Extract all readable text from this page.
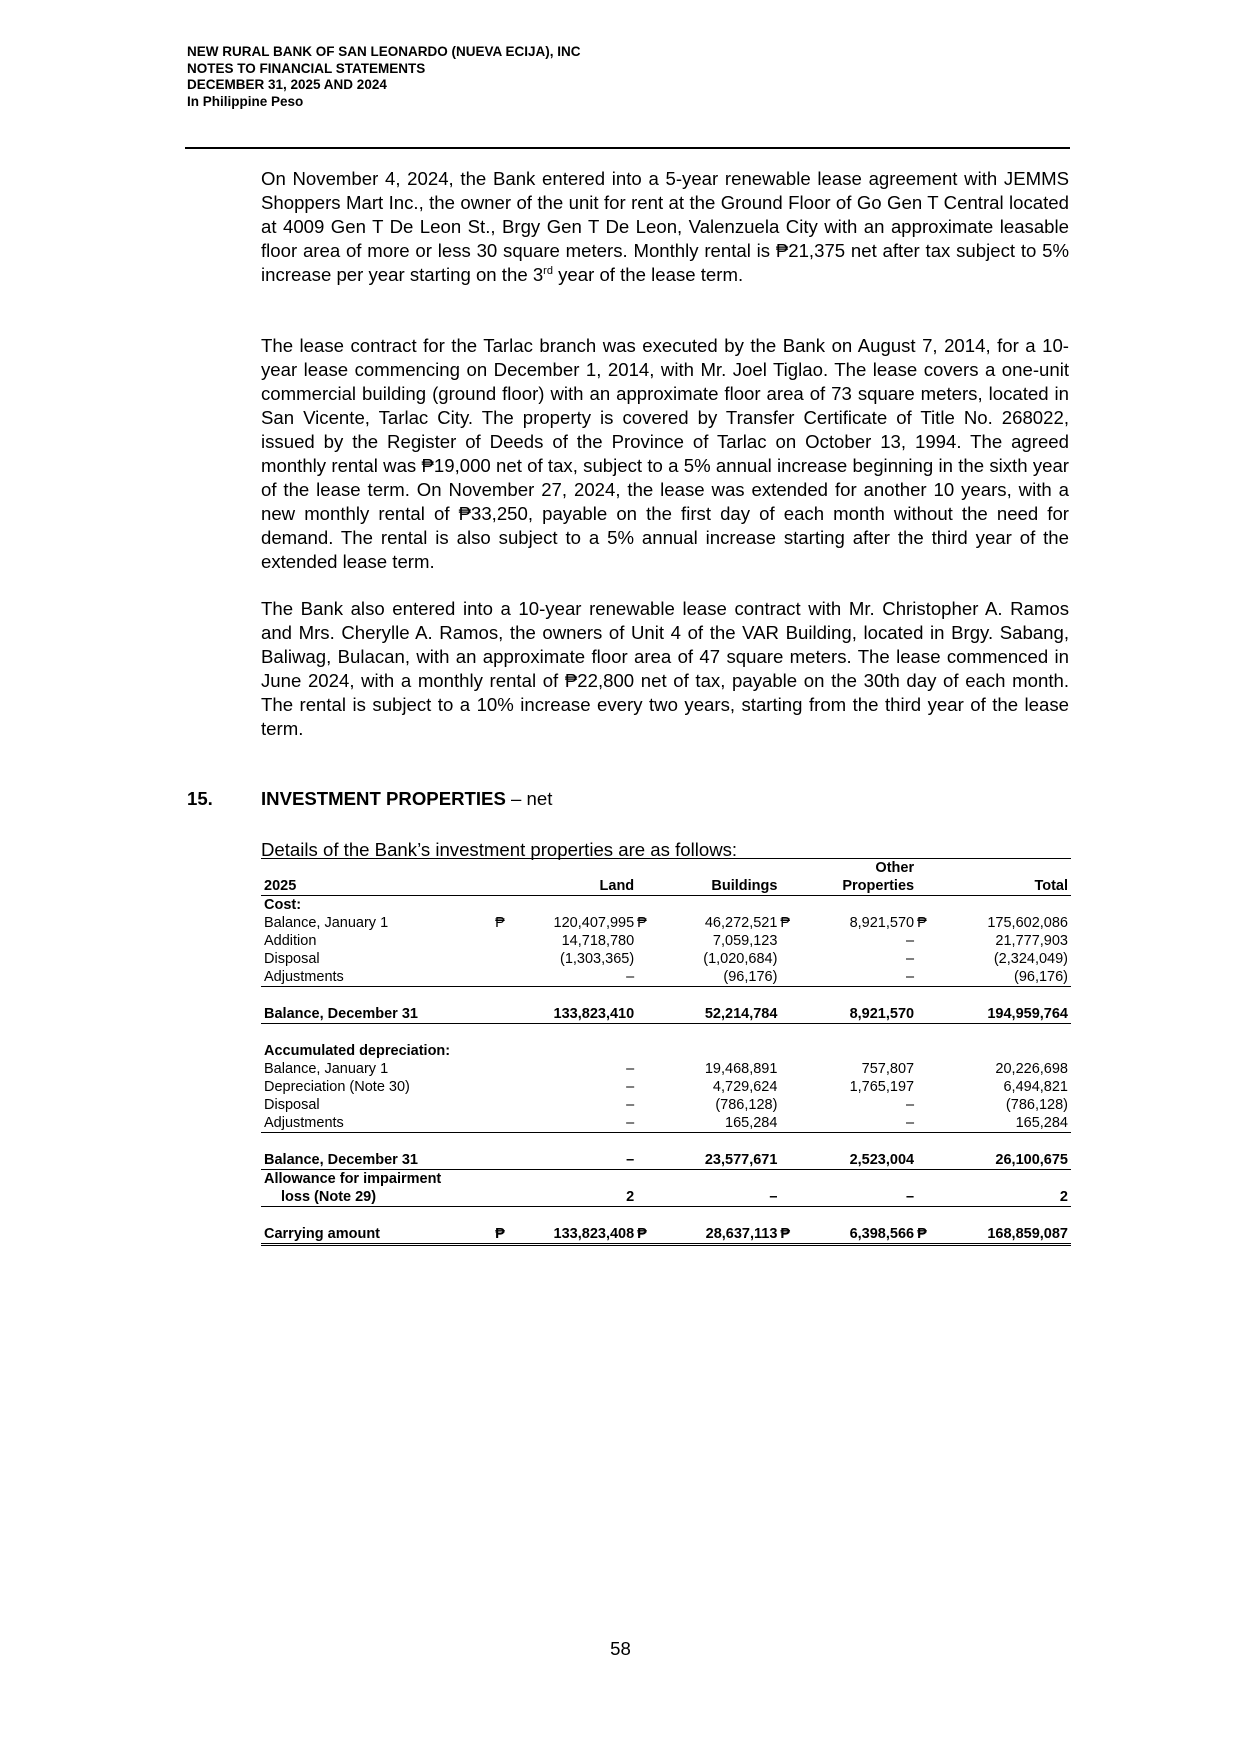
NEW RURAL BANK OF SAN LEONARDO (NUEVA ECIJA), INC
NOTES TO FINANCIAL STATEMENTS
DECEMBER 31, 2025 AND 2024
In Philippine Peso
On November 4, 2024, the Bank entered into a 5-year renewable lease agreement with JEMMS Shoppers Mart Inc., the owner of the unit for rent at the Ground Floor of Go Gen T Central located at 4009 Gen T De Leon St., Brgy Gen T De Leon, Valenzuela City with an approximate leasable floor area of more or less 30 square meters. Monthly rental is ₱21,375 net after tax subject to 5% increase per year starting on the 3rd year of the lease term.
The lease contract for the Tarlac branch was executed by the Bank on August 7, 2014, for a 10-year lease commencing on December 1, 2014, with Mr. Joel Tiglao. The lease covers a one-unit commercial building (ground floor) with an approximate floor area of 73 square meters, located in San Vicente, Tarlac City. The property is covered by Transfer Certificate of Title No. 268022, issued by the Register of Deeds of the Province of Tarlac on October 13, 1994. The agreed monthly rental was ₱19,000 net of tax, subject to a 5% annual increase beginning in the sixth year of the lease term. On November 27, 2024, the lease was extended for another 10 years, with a new monthly rental of ₱33,250, payable on the first day of each month without the need for demand. The rental is also subject to a 5% annual increase starting after the third year of the extended lease term.
The Bank also entered into a 10-year renewable lease contract with Mr. Christopher A. Ramos and Mrs. Cherylle A. Ramos, the owners of Unit 4 of the VAR Building, located in Brgy. Sabang, Baliwag, Bulacan, with an approximate floor area of 47 square meters. The lease commenced in June 2024, with a monthly rental of ₱22,800 net of tax, payable on the 30th day of each month. The rental is subject to a 10% increase every two years, starting from the third year of the lease term.
15.	INVESTMENT PROPERTIES – net
Details of the Bank’s investment properties are as follows:
						Other		
2025		Land		Buildings		Properties		Total
Cost:								
Balance, January 1	₱	120,407,995	₱	46,272,521	₱	8,921,570	₱	175,602,086
Addition		14,718,780		7,059,123		–		21,777,903
Disposal		(1,303,365)		(1,020,684)		–		(2,324,049)
Adjustments		–		(96,176)		–		(96,176)

Balance, December 31		133,823,410		52,214,784		8,921,570		194,959,764

Accumulated depreciation:								
Balance, January 1		–		19,468,891		757,807		20,226,698
Depreciation (Note 30)		–		4,729,624		1,765,197		6,494,821
Disposal		–		(786,128)		–		(786,128)
Adjustments		–		165,284		–		165,284

Balance, December 31		–		23,577,671		2,523,004		26,100,675
Allowance for impairment								
loss (Note 29)		2		–		–		2

Carrying amount	₱	133,823,408	₱	28,637,113	₱	6,398,566	₱	168,859,087
58
